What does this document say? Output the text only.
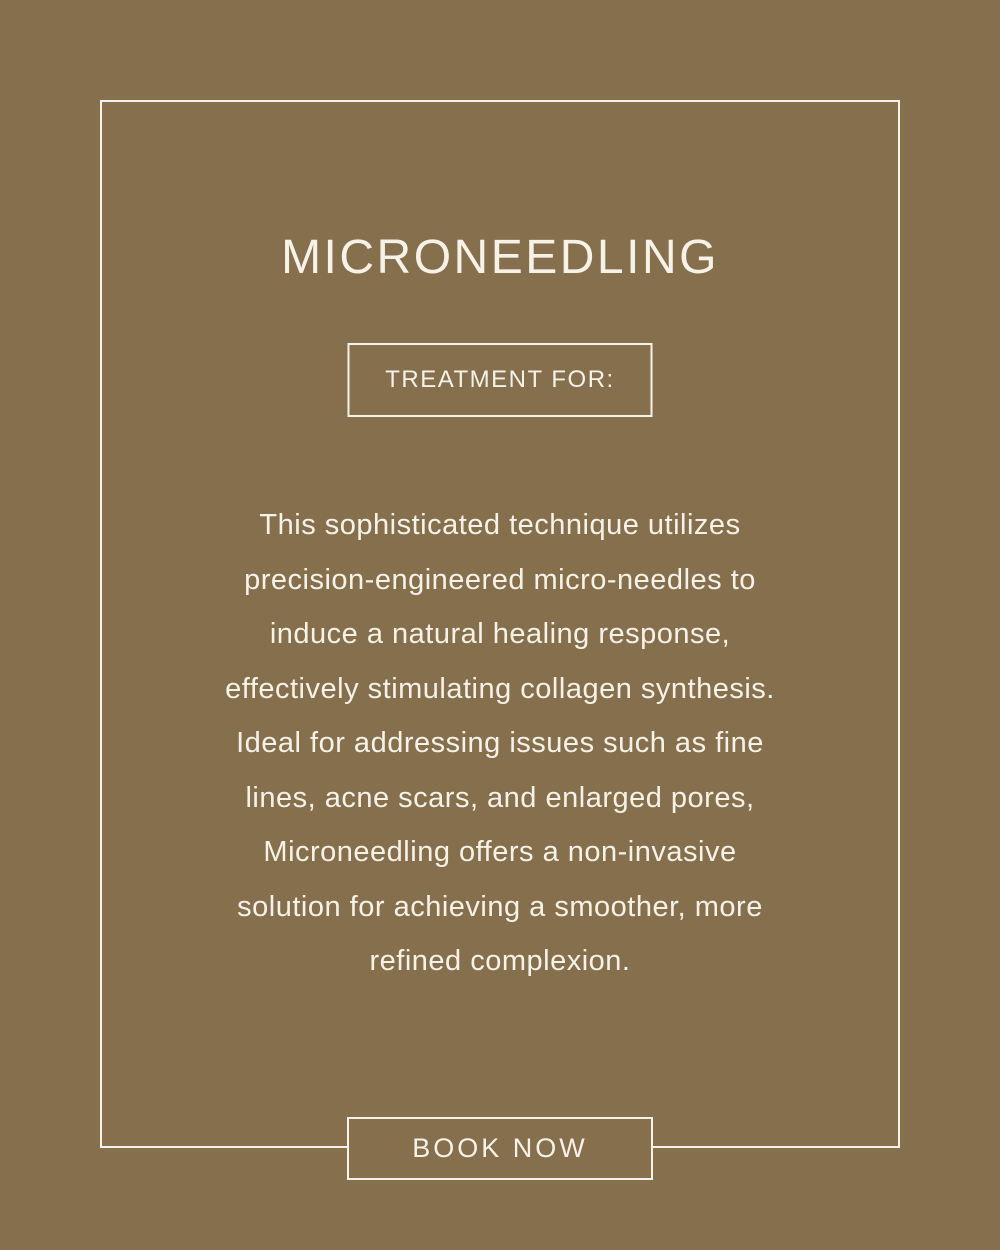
MICRONEEDLING
TREATMENT FOR:
This sophisticated technique utilizes
precision-engineered micro-needles to
induce a natural healing response,
effectively stimulating collagen synthesis.
Ideal for addressing issues such as fine
lines, acne scars, and enlarged pores,
Microneedling offers a non-invasive
solution for achieving a smoother, more
refined complexion.
BOOK NOW
